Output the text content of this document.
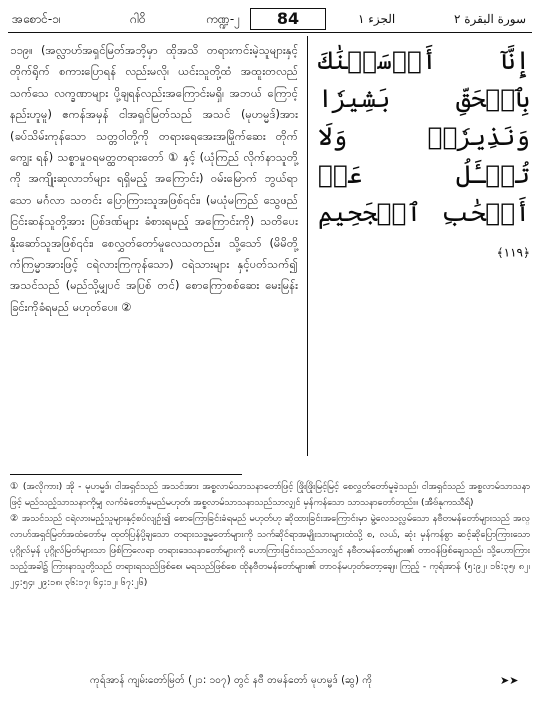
အစောင်-၁၊	ဂါဝိ	ကဏ္ဍ-၂	84	الجزء ١	سورة البقرة ٢

၁၁၉။ (အလ္လာဟ်အရှင်မြတ်အဘိ့မှာ ထိုအသိ တရားကင်းမဲ့သူများနှင့် တိုက်ရိုက် စကားပြောရန် လည်းမလို၊ ယင်းသူတို့ထံ အထူးတလည် သက်သေ လက္ခဏာများ ပို့ချရန်လည်းအကြောင်းမရှိ၊ အဘယ် ကြောင့်နည်းဟူမူ) ဧကန်အမှန် ငါအရှင်မြတ်သည် အသင် (မုဟမ္မဒ်)အား (ခပ်သိမ်းကုန်သော သတ္တဝါတို့ကို တရားရေအေးအမြိုက်ဆေး တိုက်ကျွေး ရန်) သစ္စာမှုဝရမတ္ထတရားတော် ① နှင့် (ယုံကြည် လိုက်နာသူတို့ကို အကျိုးဆုလာဘ်များ ရရှိမည့် အကြောင်း) ဝမ်းမြောက် ဘွယ်ရာသော မင်္ဂလာ သတင်း ပြောကြားသူအဖြစ်၎င်း၊ (မယုံမကြည် သွေဖည်ငြင်းဆန်သူတို့အား ပြစ်ဒဏ်များ ခံစားရမည့် အကြောင်းကို) သတိပေး နိုးဆော်သူအဖြစ်၎င်း၊ စေလွှတ်တော်မူလေသတည်း။ သို့သော် (မိမိတို့ ကံကြမ္မာအားဖြင့် ငရဲလားကြကုန်သော) ငရဲသားများ နှင့်ပတ်သက်၍ အသင်သည် (မည်သို့မျှပင် အပြစ် တင်) စောကြောစစ်ဆေး မေးမြန်းခြင်းကိုခံရမည် မဟုတ်ပေ။ ②

إِنَّآ أَرۡسَلۡنَٰكَ بِٱلۡحَقِّ بَشِيرٗا وَنَذِيرٗاۖ وَلَا تُسۡـَٔلُ عَنۡ أَصۡحَٰبِ ٱلۡجَحِيمِ ﴿١١٩﴾

① (အလိုကား) အို - မုဟမ္မဒ်၊ ငါအရှင်သည် အသင်အား အစ္စလာမ်သာသနာတော်ဖြင့် ဖြိုးဖြိုးမြင့်မြင့် စေလွှတ်တော်မူခဲ့သည်၊ ငါအရှင်သည် အစ္စလာမ်သာသနာဖြင့် မည်သည့်သာသနာကိုမျှ လက်ခံတော်မူမည်မဟုတ်၊ အစ္စလာမ်သာသနာသည်သာလျှင် မှန်ကန်သော သာသနာတော်တည်း။ (အီဗ်နုကဿီရ်)

② အသင်သည် ငရဲလားမည့်သူများနှင့်စပ်လျဉ်း၍ စောကြောခြင်းခံရမည် မဟုတ်ဟု ဆိုထားခြင်းအကြောင်းမှာ မွဲ့လေသလ္လမ်သော နဗီတမန်တော်များသည် အလ္လာဟ်အရှင်မြတ်အထံတော်မှ ထုတ်ပြန်ပို့ချသော တရားသဒ္ဓမ္မတော်များကို သက်ဆိုင်ရာအမျိုးသားများထံသို့ စ, လယ်, ဆုံး မှန်ကန်စွာ ဆင့်ဆိုပြောကြားသော ပုဂ္ဂိုလ်မှန် ပုဂ္ဂိုလ်မြတ်များသာ ဖြစ်ကြလေရာ တရားဒေသနာတော်များကို ဟောကြားခြင်းသည်သာလျှင် နဗီတမန်တော်များ၏ တာဝန်ဖြစ်ချေသည်၊ သို့ဟောကြားသည့်အခါ၌ ကြားနာသူတို့သည် တရားရသည်ဖြစ်စေ၊ မရသည်ဖြစ်စေ ထိုနဗီတမန်တော်များ၏ တာဝန်မဟုတ်တော့ချေ။ ကြည့် - ကုရ်အာန် (၅:၉၂၊ ၁၆:၃၅၊ ၈၂၊ ၂၄:၅၄၊ ၂၉:၁၈၊ ၃၆:၁၇၊ ၆၄:၁၂၊ ၆၇:၂၆)

ကုရ်အာန် ကျမ်းတော်မြတ် (၂၁: ၁၀၇) တွင် နဗီ တမန်တော် မုဟမ္မဒ် (ဆွ) ကို	➤➤
